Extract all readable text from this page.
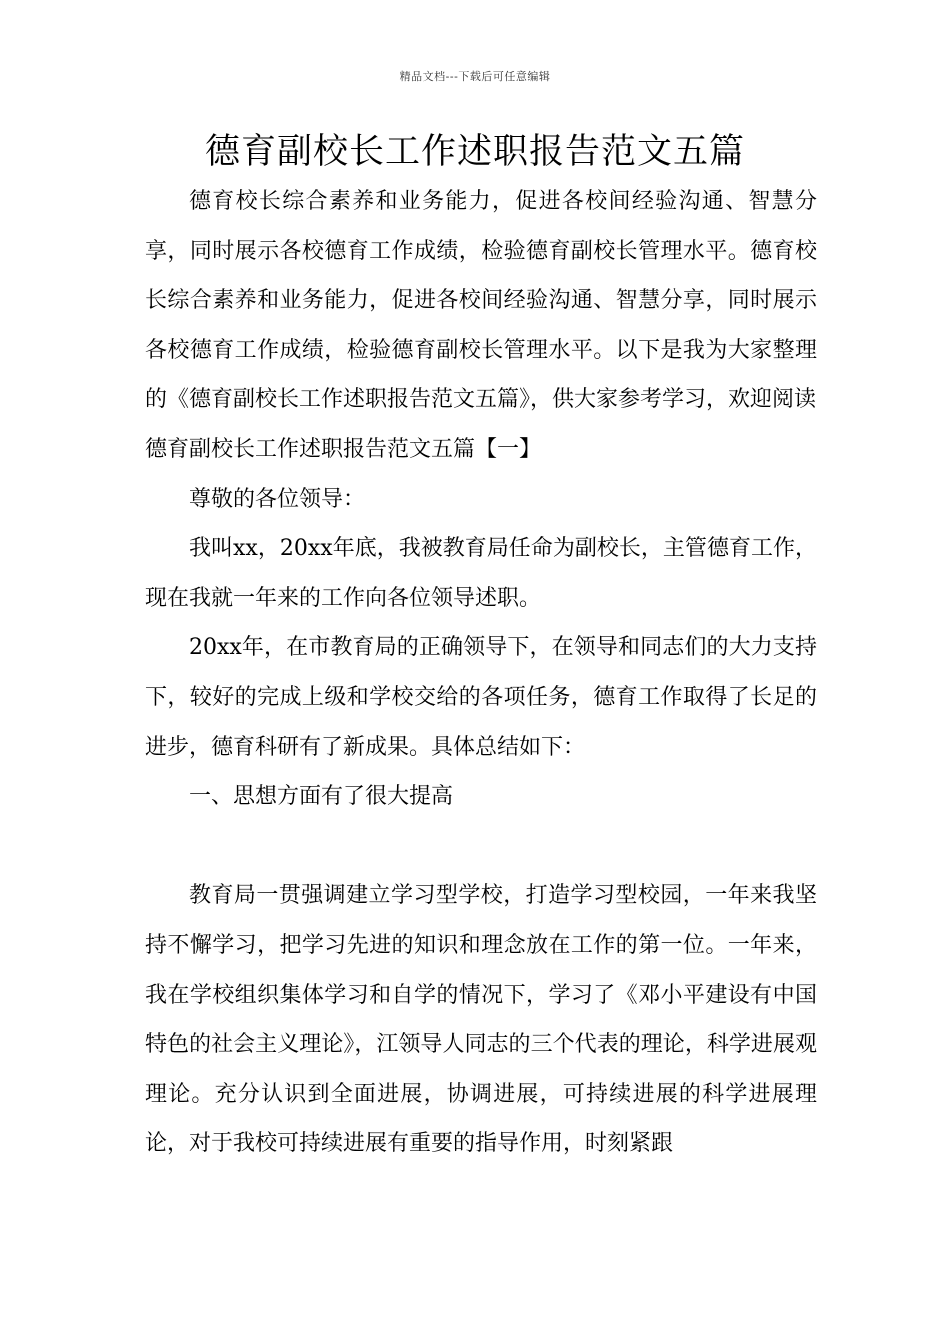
精品文档---下载后可任意编辑
德育副校长工作述职报告范文五篇

德育校长综合素养和业务能力，促进各校间经验沟通、智慧分享，同时展示各校德育工作成绩，检验德育副校长管理水平。德育校长综合素养和业务能力，促进各校间经验沟通、智慧分享，同时展示各校德育工作成绩，检验德育副校长管理水平。以下是我为大家整理的《德育副校长工作述职报告范文五篇》，供大家参考学习，欢迎阅读

德育副校长工作述职报告范文五篇【一】

尊敬的各位领导：

我叫xx，20xx年底，我被教育局任命为副校长，主管德育工作，现在我就一年来的工作向各位领导述职。

20xx年，在市教育局的正确领导下，在领导和同志们的大力支持下，较好的完成上级和学校交给的各项任务，德育工作取得了长足的进步，德育科研有了新成果。具体总结如下：

一、思想方面有了很大提高

教育局一贯强调建立学习型学校，打造学习型校园，一年来我坚持不懈学习，把学习先进的知识和理念放在工作的第一位。一年来，我在学校组织集体学习和自学的情况下，学习了《邓小平建设有中国特色的社会主义理论》，江领导人同志的三个代表的理论，科学进展观理论。充分认识到全面进展，协调进展，可持续进展的科学进展理论，对于我校可持续进展有重要的指导作用，时刻紧跟
